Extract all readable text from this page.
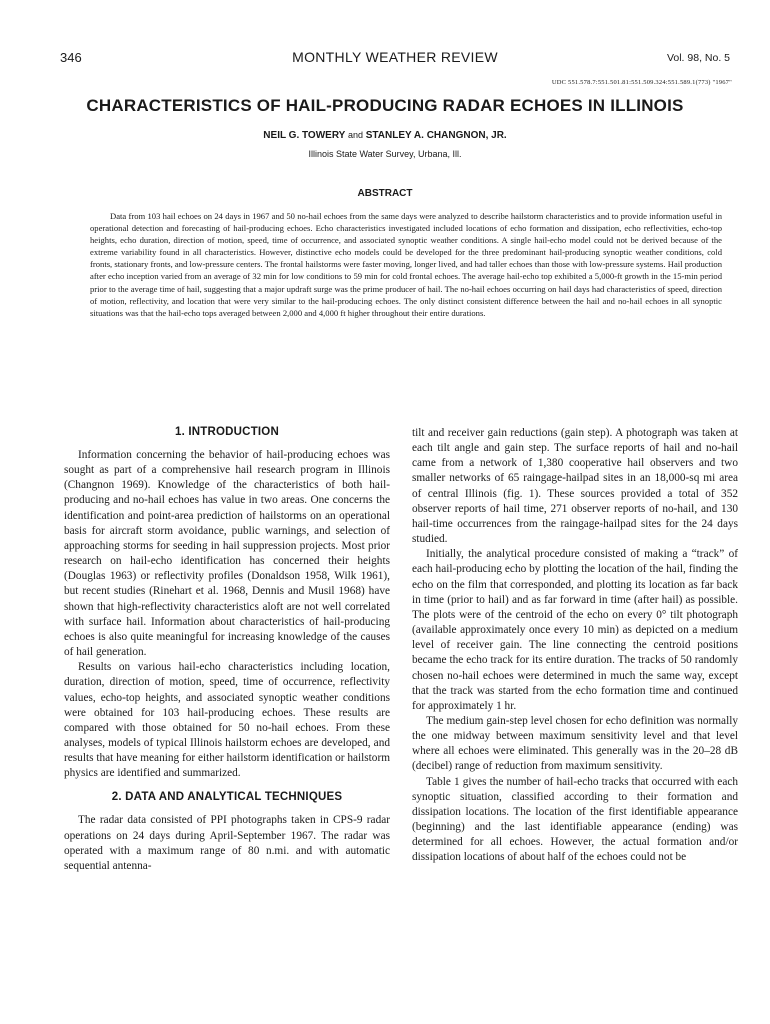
346	MONTHLY WEATHER REVIEW	Vol. 98, No. 5
UDC 551.578.7:551.501.81:551.509.324:551.589.1(773) "1967"
CHARACTERISTICS OF HAIL-PRODUCING RADAR ECHOES IN ILLINOIS
NEIL G. TOWERY and STANLEY A. CHANGNON, JR.
Illinois State Water Survey, Urbana, Ill.
ABSTRACT

Data from 103 hail echoes on 24 days in 1967 and 50 no-hail echoes from the same days were analyzed to describe hailstorm characteristics and to provide information useful in operational detection and forecasting of hail-producing echoes. Echo characteristics investigated included locations of echo formation and dissipation, echo reflectivities, echo-top heights, echo duration, direction of motion, speed, time of occurrence, and associated synoptic weather conditions. A single hail-echo model could not be derived because of the extreme variability found in all characteristics. However, distinctive echo models could be developed for the three predominant hail-producing synoptic weather conditions, cold fronts, stationary fronts, and low-pressure centers. The frontal hailstorms were faster moving, longer lived, and had taller echoes than those with low-pressure systems. Hail production after echo inception varied from an average of 32 min for low conditions to 59 min for cold frontal echoes. The average hail-echo top exhibited a 5,000-ft growth in the 15-min period prior to the average time of hail, suggesting that a major updraft surge was the prime producer of hail. The no-hail echoes occurring on hail days had characteristics of speed, direction of motion, reflectivity, and location that were very similar to the hail-producing echoes. The only distinct consistent difference between the hail and no-hail echoes in all synoptic situations was that the hail-echo tops averaged between 2,000 and 4,000 ft higher throughout their entire durations.

1. INTRODUCTION

Information concerning the behavior of hail-producing echoes was sought as part of a comprehensive hail research program in Illinois (Changnon 1969). Knowledge of the characteristics of both hail-producing and no-hail echoes has value in two areas. One concerns the identification and point-area prediction of hailstorms on an operational basis for aircraft storm avoidance, public warnings, and selection of approaching storms for seeding in hail suppression projects. Most prior research on hail-echo identification has concerned their heights (Douglas 1963) or reflectivity profiles (Donaldson 1958, Wilk 1961), but recent studies (Rinehart et al. 1968, Dennis and Musil 1968) have shown that high-reflectivity characteristics aloft are not well correlated with surface hail. Information about characteristics of hail-producing echoes is also quite meaningful for increasing knowledge of the causes of hail generation.

Results on various hail-echo characteristics including location, duration, direction of motion, speed, time of occurrence, reflectivity values, echo-top heights, and associated synoptic weather conditions were obtained for 103 hail-producing echoes. These results are compared with those obtained for 50 no-hail echoes. From these analyses, models of typical Illinois hailstorm echoes are developed, and results that have meaning for either hailstorm identification or hailstorm physics are identified and summarized.

2. DATA AND ANALYTICAL TECHNIQUES

The radar data consisted of PPI photographs taken in CPS-9 radar operations on 24 days during April-September 1967. The radar was operated with a maximum range of 80 n.mi. and with automatic sequential antenna-

tilt and receiver gain reductions (gain step). A photograph was taken at each tilt angle and gain step. The surface reports of hail and no-hail came from a network of 1,380 cooperative hail observers and two smaller networks of 65 raingage-hailpad sites in an 18,000-sq mi area of central Illinois (fig. 1). These sources provided a total of 352 observer reports of hail time, 271 observer reports of no-hail, and 130 hail-time occurrences from the raingage-hailpad sites for the 24 days studied.

Initially, the analytical procedure consisted of making a “track” of each hail-producing echo by plotting the location of the hail, finding the echo on the film that corresponded, and plotting its location as far back in time (prior to hail) and as far forward in time (after hail) as possible. The plots were of the centroid of the echo on every 0° tilt photograph (available approximately once every 10 min) as depicted on a medium level of receiver gain. The line connecting the centroid positions became the echo track for its entire duration. The tracks of 50 randomly chosen no-hail echoes were determined in much the same way, except that the track was started from the echo formation time and continued for approximately 1 hr.

The medium gain-step level chosen for echo definition was normally the one midway between maximum sensitivity level and that level where all echoes were eliminated. This generally was in the 20–28 dB (decibel) range of reduction from maximum sensitivity.

Table 1 gives the number of hail-echo tracks that occurred with each synoptic situation, classified according to their formation and dissipation locations. The location of the first identifiable appearance (beginning) and the last identifiable appearance (ending) was determined for all echoes. However, the actual formation and/or dissipation locations of about half of the echoes could not be
